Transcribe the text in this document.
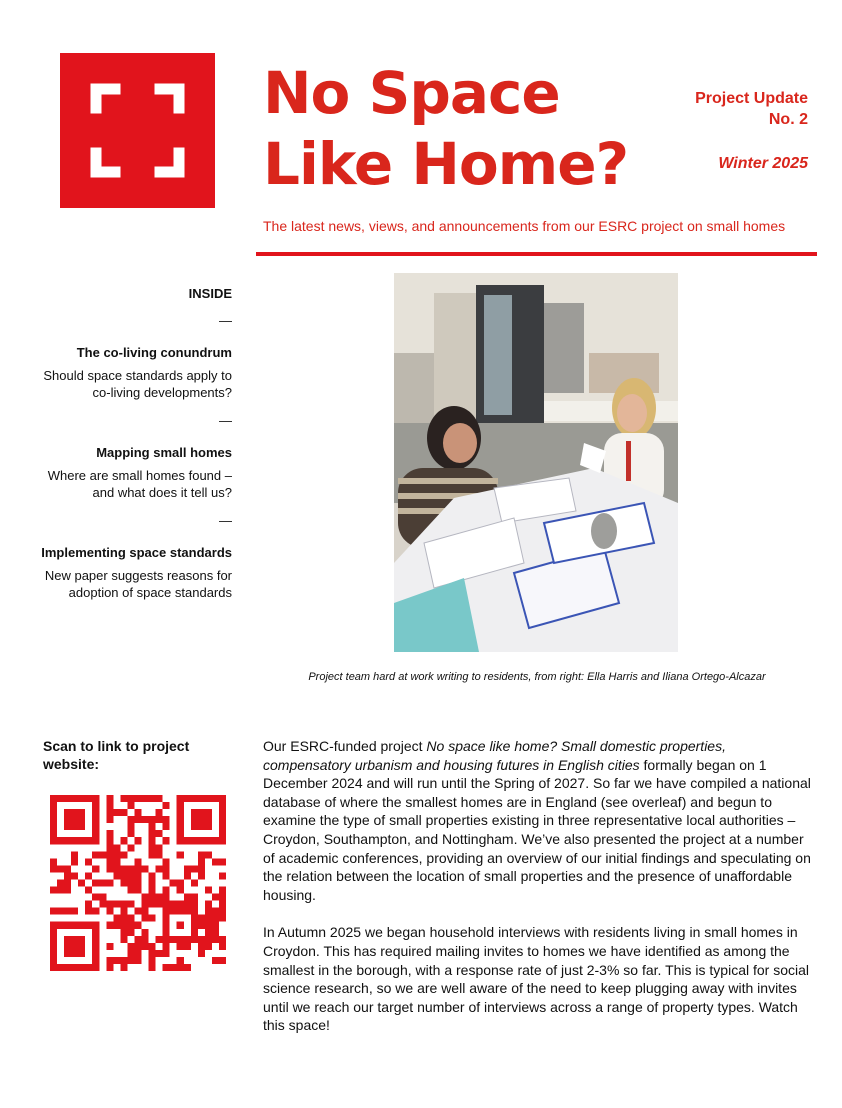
No Space
Like Home?
Project Update
No. 2
Winter 2025
The latest news, views, and announcements from our ESRC project on small homes
INSIDE
—
The co-living conundrum
Should space standards apply to co-living developments?
—
Mapping small homes
Where are small homes found – and what does it tell us?
—
Implementing space standards
New paper suggests reasons for adoption of space standards
Project team hard at work writing to residents, from right: Ella Harris and Iliana Ortego-Alcazar
Scan to link to project website:

Our ESRC-funded project No space like home? Small domestic properties, compensatory urbanism and housing futures in English cities formally began on 1 December 2024 and will run until the Spring of 2027. So far we have compiled a national database of where the smallest homes are in England (see overleaf) and begun to examine the type of small properties existing in three representative local authorities – Croydon, Southampton, and Nottingham. We’ve also presented the project at a number of academic conferences, providing an overview of our initial findings and speculating on the relation between the location of small properties and the presence of unaffordable housing.

In Autumn 2025 we began household interviews with residents living in small homes in Croydon. This has required mailing invites to homes we have identified as among the smallest in the borough, with a response rate of just 2-3% so far. This is typical for social science research, so we are well aware of the need to keep plugging away with invites until we reach our target number of interviews across a range of property types. Watch this space!
